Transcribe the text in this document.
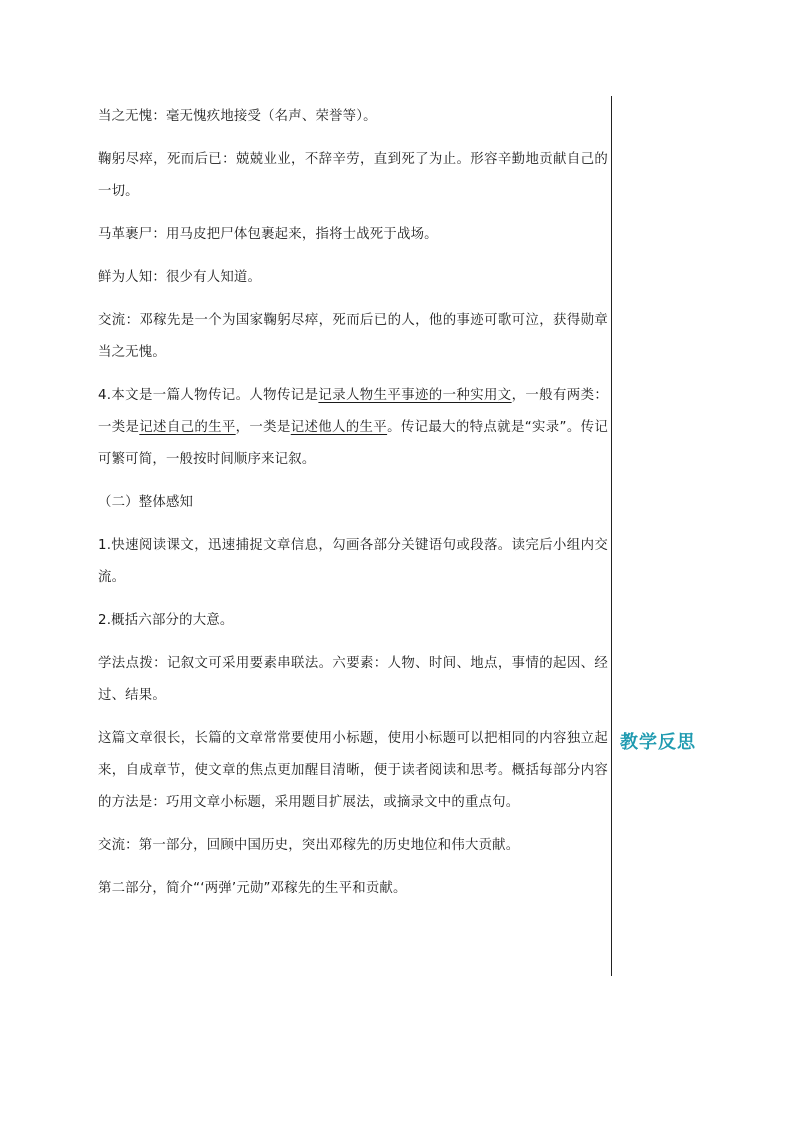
当之无愧：毫无愧疚地接受（名声、荣誉等）。

鞠躬尽瘁，死而后已：兢兢业业，不辞辛劳，直到死了为止。形容辛勤地贡献自己的一切。

马革裹尸：用马皮把尸体包裹起来，指将士战死于战场。

鲜为人知：很少有人知道。

交流：邓稼先是一个为国家鞠躬尽瘁，死而后已的人，他的事迹可歌可泣，获得勋章当之无愧。

4.本文是一篇人物传记。人物传记是记录人物生平事迹的一种实用文，一般有两类：一类是记述自己的生平，一类是记述他人的生平。传记最大的特点就是“实录”。传记可繁可简，一般按时间顺序来记叙。

（二）整体感知

1.快速阅读课文，迅速捕捉文章信息，勾画各部分关键语句或段落。读完后小组内交流。

2.概括六部分的大意。

学法点拨：记叙文可采用要素串联法。六要素：人物、时间、地点，事情的起因、经过、结果。

这篇文章很长，长篇的文章常常要使用小标题，使用小标题可以把相同的内容独立起来，自成章节，使文章的焦点更加醒目清晰，便于读者阅读和思考。概括每部分内容的方法是：巧用文章小标题，采用题目扩展法，或摘录文中的重点句。

交流：第一部分，回顾中国历史，突出邓稼先的历史地位和伟大贡献。

第二部分，简介“‘两弹’元勋”邓稼先的生平和贡献。

教学反思
